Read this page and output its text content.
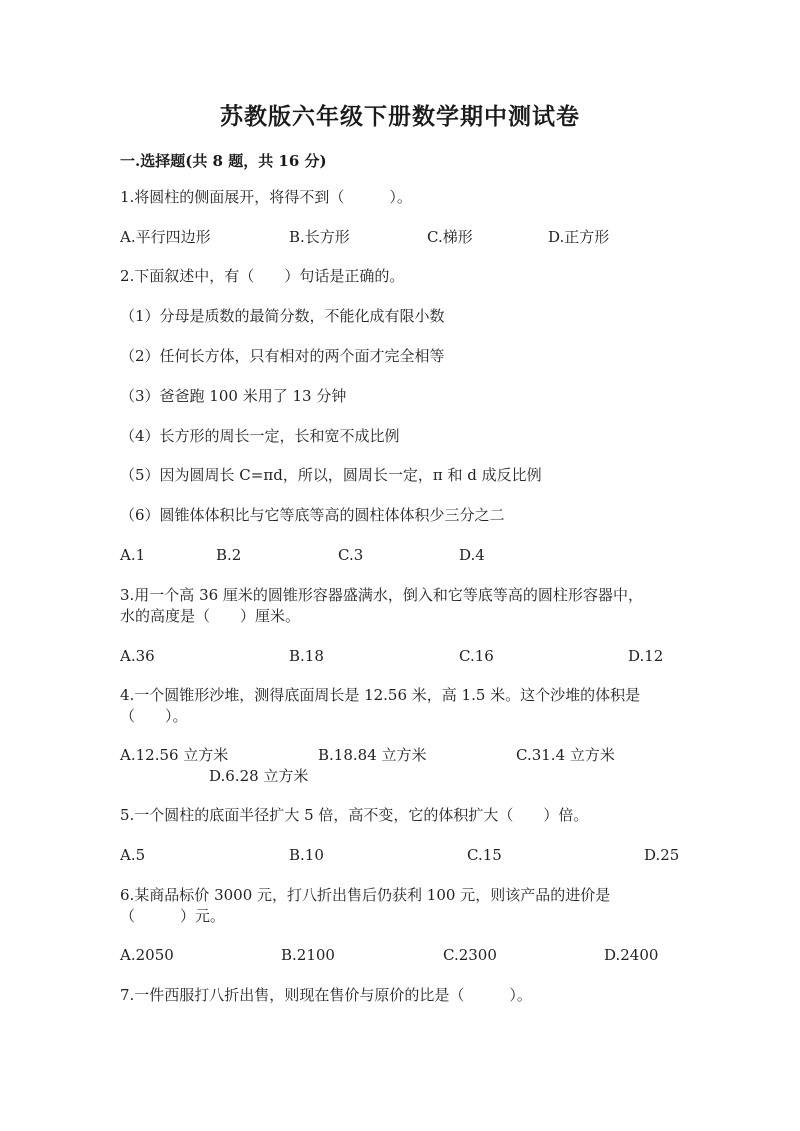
苏教版六年级下册数学期中测试卷
一.选择题(共 8 题，共 16 分)
1.将圆柱的侧面展开，将得不到（　　　）。
A.平行四边形	B.长方形	C.梯形	D.正方形
2.下面叙述中，有（　　）句话是正确的。
（1）分母是质数的最简分数，不能化成有限小数
（2）任何长方体，只有相对的两个面才完全相等
（3）爸爸跑 100 米用了 13 分钟
（4）长方形的周长一定，长和宽不成比例
（5）因为圆周长 C=πd，所以，圆周长一定，π 和 d 成反比例
（6）圆锥体体积比与它等底等高的圆柱体体积少三分之二
A.1	B.2	C.3	D.4
3.用一个高 36 厘米的圆锥形容器盛满水，倒入和它等底等高的圆柱形容器中，
水的高度是（　　）厘米。
A.36	B.18	C.16	D.12
4.一个圆锥形沙堆，测得底面周长是 12.56 米，高 1.5 米。这个沙堆的体积是
（　　）。
A.12.56 立方米	B.18.84 立方米	C.31.4 立方米
D.6.28 立方米
5.一个圆柱的底面半径扩大 5 倍，高不变，它的体积扩大（　　）倍。
A.5	B.10	C.15	D.25
6.某商品标价 3000 元，打八折出售后仍获利 100 元，则该产品的进价是
（　　　）元。
A.2050	B.2100	C.2300	D.2400
7.一件西服打八折出售，则现在售价与原价的比是（　　　）。
